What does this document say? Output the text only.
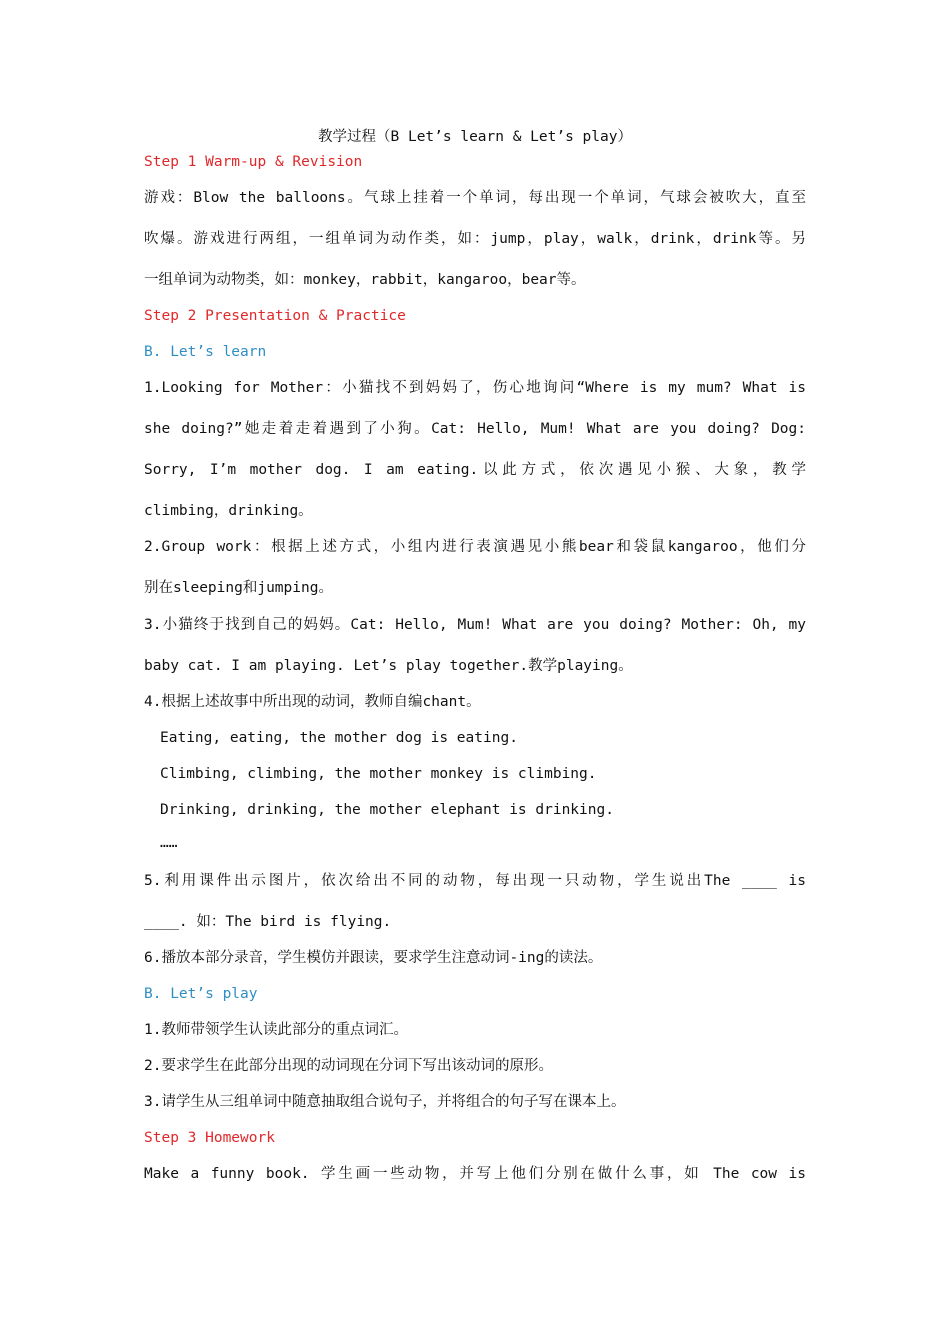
教学过程（B Let’s learn & Let’s play）
Step 1 Warm-up & Revision
游戏：Blow the balloons。气球上挂着一个单词，每出现一个单词，气球会被吹大，直至
吹爆。游戏进行两组，一组单词为动作类，如：jump，play，walk，drink，drink等。另
一组单词为动物类，如：monkey，rabbit，kangaroo，bear等。
Step 2 Presentation & Practice
B. Let’s learn
1.Looking for Mother：小猫找不到妈妈了，伤心地询问“Where is my mum? What is
she doing?”她走着走着遇到了小狗。Cat: Hello, Mum! What are you doing? Dog:
Sorry, I’m mother dog. I am eating.以此方式，依次遇见小猴、大象，教学
climbing，drinking。
2.Group work：根据上述方式，小组内进行表演遇见小熊bear和袋鼠kangaroo，他们分
别在sleeping和jumping。
3.小猫终于找到自己的妈妈。Cat: Hello, Mum! What are you doing? Mother: Oh, my
baby cat. I am playing. Let’s play together.教学playing。
4.根据上述故事中所出现的动词，教师自编chant。
Eating, eating, the mother dog is eating.
Climbing, climbing, the mother monkey is climbing.
Drinking, drinking, the mother elephant is drinking.
……
5.利用课件出示图片，依次给出不同的动物，每出现一只动物，学生说出The ____ is
____. 如：The bird is flying.
6.播放本部分录音，学生模仿并跟读，要求学生注意动词-ing的读法。
B. Let’s play
1.教师带领学生认读此部分的重点词汇。
2.要求学生在此部分出现的动词现在分词下写出该动词的原形。
3.请学生从三组单词中随意抽取组合说句子，并将组合的句子写在课本上。
Step 3 Homework
Make a funny book. 学生画一些动物，并写上他们分别在做什么事，如 The cow is
